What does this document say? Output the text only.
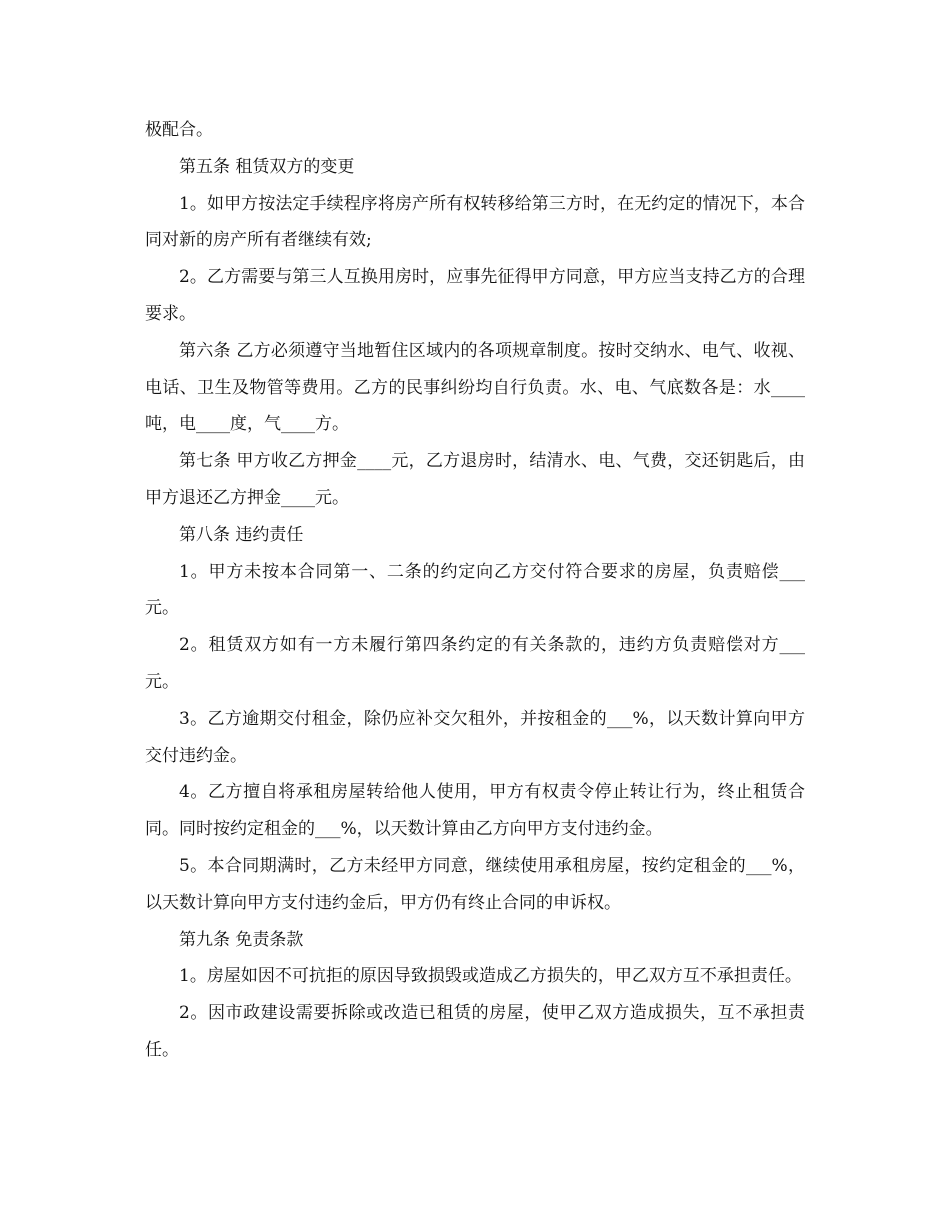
极配合。

第五条 租赁双方的变更

1。如甲方按法定手续程序将房产所有权转移给第三方时，在无约定的情况下，本合同对新的房产所有者继续有效;

2。乙方需要与第三人互换用房时，应事先征得甲方同意，甲方应当支持乙方的合理要求。

第六条 乙方必须遵守当地暂住区域内的各项规章制度。按时交纳水、电气、收视、电话、卫生及物管等费用。乙方的民事纠纷均自行负责。水、电、气底数各是：水____吨，电____度，气____方。

第七条 甲方收乙方押金____元，乙方退房时，结清水、电、气费，交还钥匙后，由甲方退还乙方押金____元。

第八条 违约责任

1。甲方未按本合同第一、二条的约定向乙方交付符合要求的房屋，负责赔偿___元。

2。租赁双方如有一方未履行第四条约定的有关条款的，违约方负责赔偿对方___元。

3。乙方逾期交付租金，除仍应补交欠租外，并按租金的___%，以天数计算向甲方交付违约金。

4。乙方擅自将承租房屋转给他人使用，甲方有权责令停止转让行为，终止租赁合同。同时按约定租金的___%，以天数计算由乙方向甲方支付违约金。

5。本合同期满时，乙方未经甲方同意，继续使用承租房屋，按约定租金的___%，以天数计算向甲方支付违约金后，甲方仍有终止合同的申诉权。

第九条 免责条款

1。房屋如因不可抗拒的原因导致损毁或造成乙方损失的，甲乙双方互不承担责任。

2。因市政建设需要拆除或改造已租赁的房屋，使甲乙双方造成损失，互不承担责任。
